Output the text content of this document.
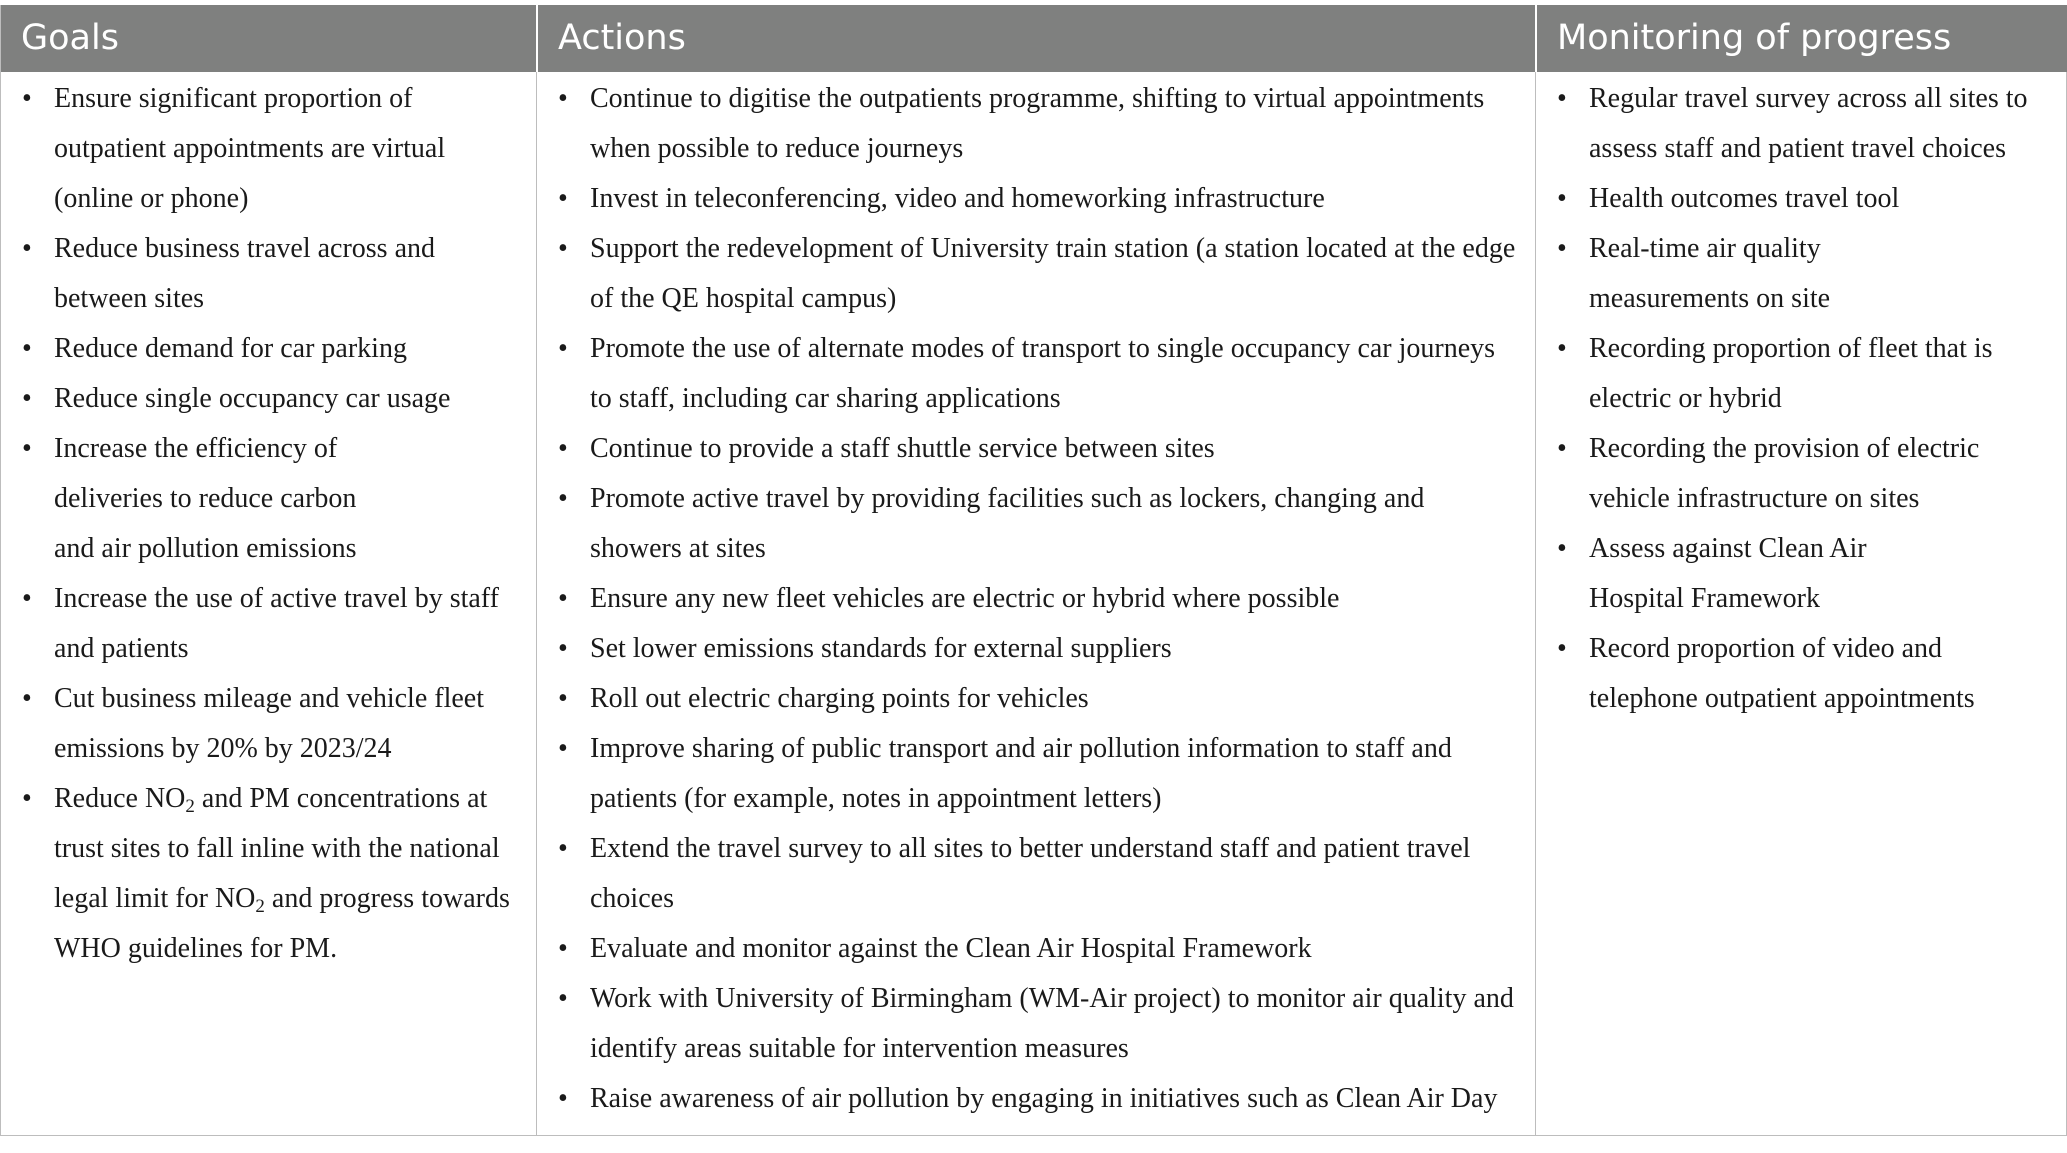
Goals	Actions	Monitoring of progress
• Ensure significant proportion of outpatient appointments are virtual (online or phone)
• Reduce business travel across and between sites
• Reduce demand for car parking
• Reduce single occupancy car usage
• Increase the efficiency of deliveries to reduce carbon and air pollution emissions
• Increase the use of active travel by staff and patients
• Cut business mileage and vehicle fleet emissions by 20% by 2023/24
• Reduce $NO_2$ and PM concentrations at trust sites to fall inline with the national legal limit for $NO_2$ and progress towards WHO guidelines for PM.
• Continue to digitise the outpatients programme, shifting to virtual appointments when possible to reduce journeys
• Invest in teleconferencing, video and homeworking infrastructure
• Support the redevelopment of University train station (a station located at the edge of the QE hospital campus)
• Promote the use of alternate modes of transport to single occupancy car journeys to staff, including car sharing applications
• Continue to provide a staff shuttle service between sites
• Promote active travel by providing facilities such as lockers, changing and showers at sites
• Ensure any new fleet vehicles are electric or hybrid where possible
• Set lower emissions standards for external suppliers
• Roll out electric charging points for vehicles
• Improve sharing of public transport and air pollution information to staff and patients (for example, notes in appointment letters)
• Extend the travel survey to all sites to better understand staff and patient travel choices
• Evaluate and monitor against the Clean Air Hospital Framework
• Work with University of Birmingham (WM-Air project) to monitor air quality and identify areas suitable for intervention measures
• Raise awareness of air pollution by engaging in initiatives such as Clean Air Day
• Regular travel survey across all sites to assess staff and patient travel choices
• Health outcomes travel tool
• Real-time air quality measurements on site
• Recording proportion of fleet that is electric or hybrid
• Recording the provision of electric vehicle infrastructure on sites
• Assess against Clean Air Hospital Framework
• Record proportion of video and telephone outpatient appointments
